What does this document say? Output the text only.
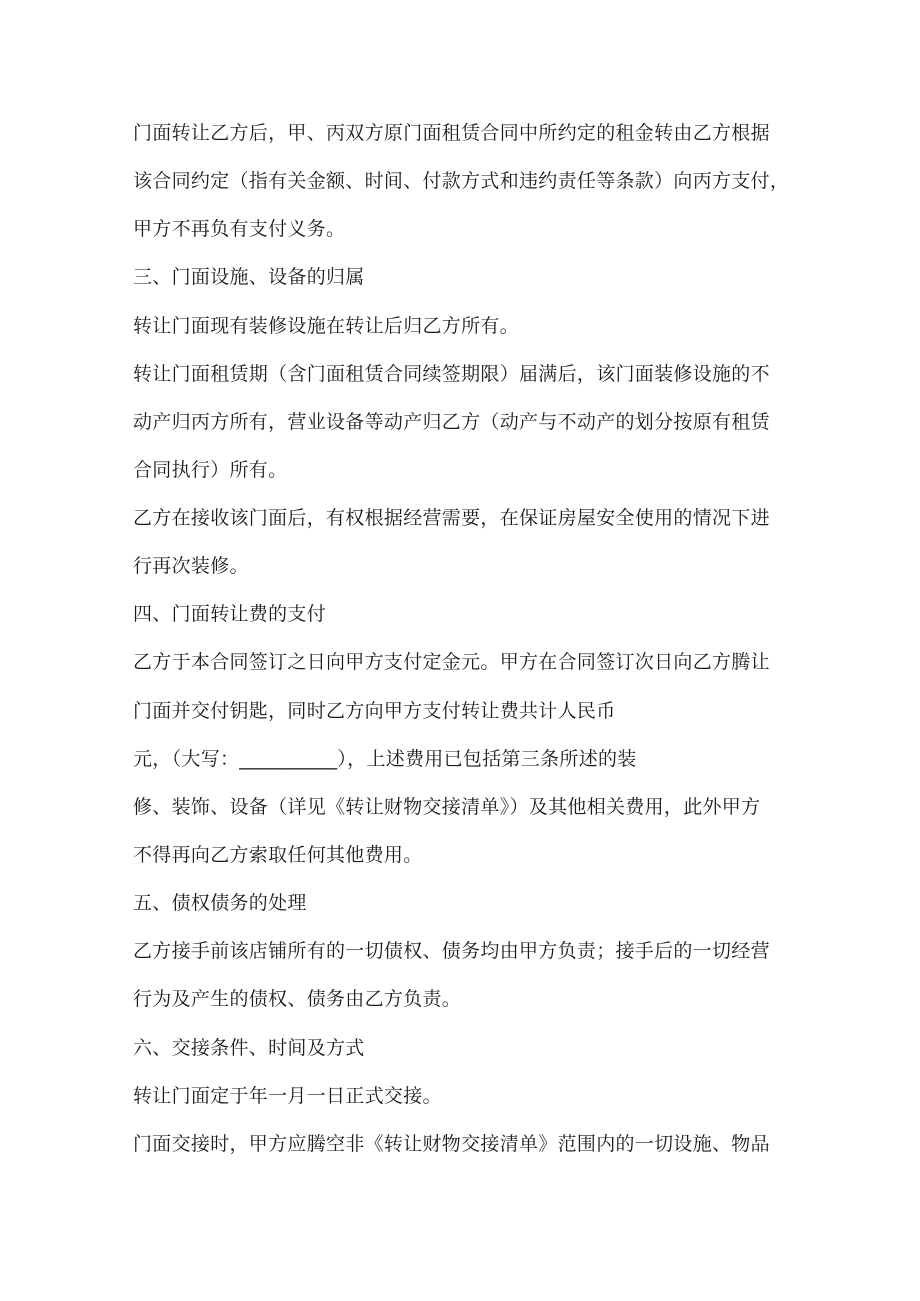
门面转让乙方后，甲、丙双方原门面租赁合同中所约定的租金转由乙方根据
该合同约定（指有关金额、时间、付款方式和违约责任等条款）向丙方支付，
甲方不再负有支付义务。
三、门面设施、设备的归属
转让门面现有装修设施在转让后归乙方所有。
转让门面租赁期（含门面租赁合同续签期限）届满后，该门面装修设施的不
动产归丙方所有，营业设备等动产归乙方（动产与不动产的划分按原有租赁
合同执行）所有。
乙方在接收该门面后，有权根据经营需要，在保证房屋安全使用的情况下进
行再次装修。
四、门面转让费的支付
乙方于本合同签订之日向甲方支付定金元。甲方在合同签订次日向乙方腾让
门面并交付钥匙，同时乙方向甲方支付转让费共计人民币
元，（大写：__________），上述费用已包括第三条所述的装
修、装饰、设备（详见《转让财物交接清单》）及其他相关费用，此外甲方
不得再向乙方索取任何其他费用。
五、债权债务的处理
乙方接手前该店铺所有的一切债权、债务均由甲方负责；接手后的一切经营
行为及产生的债权、债务由乙方负责。
六、交接条件、时间及方式
转让门面定于年一月一日正式交接。
门面交接时，甲方应腾空非《转让财物交接清单》范围内的一切设施、物品
